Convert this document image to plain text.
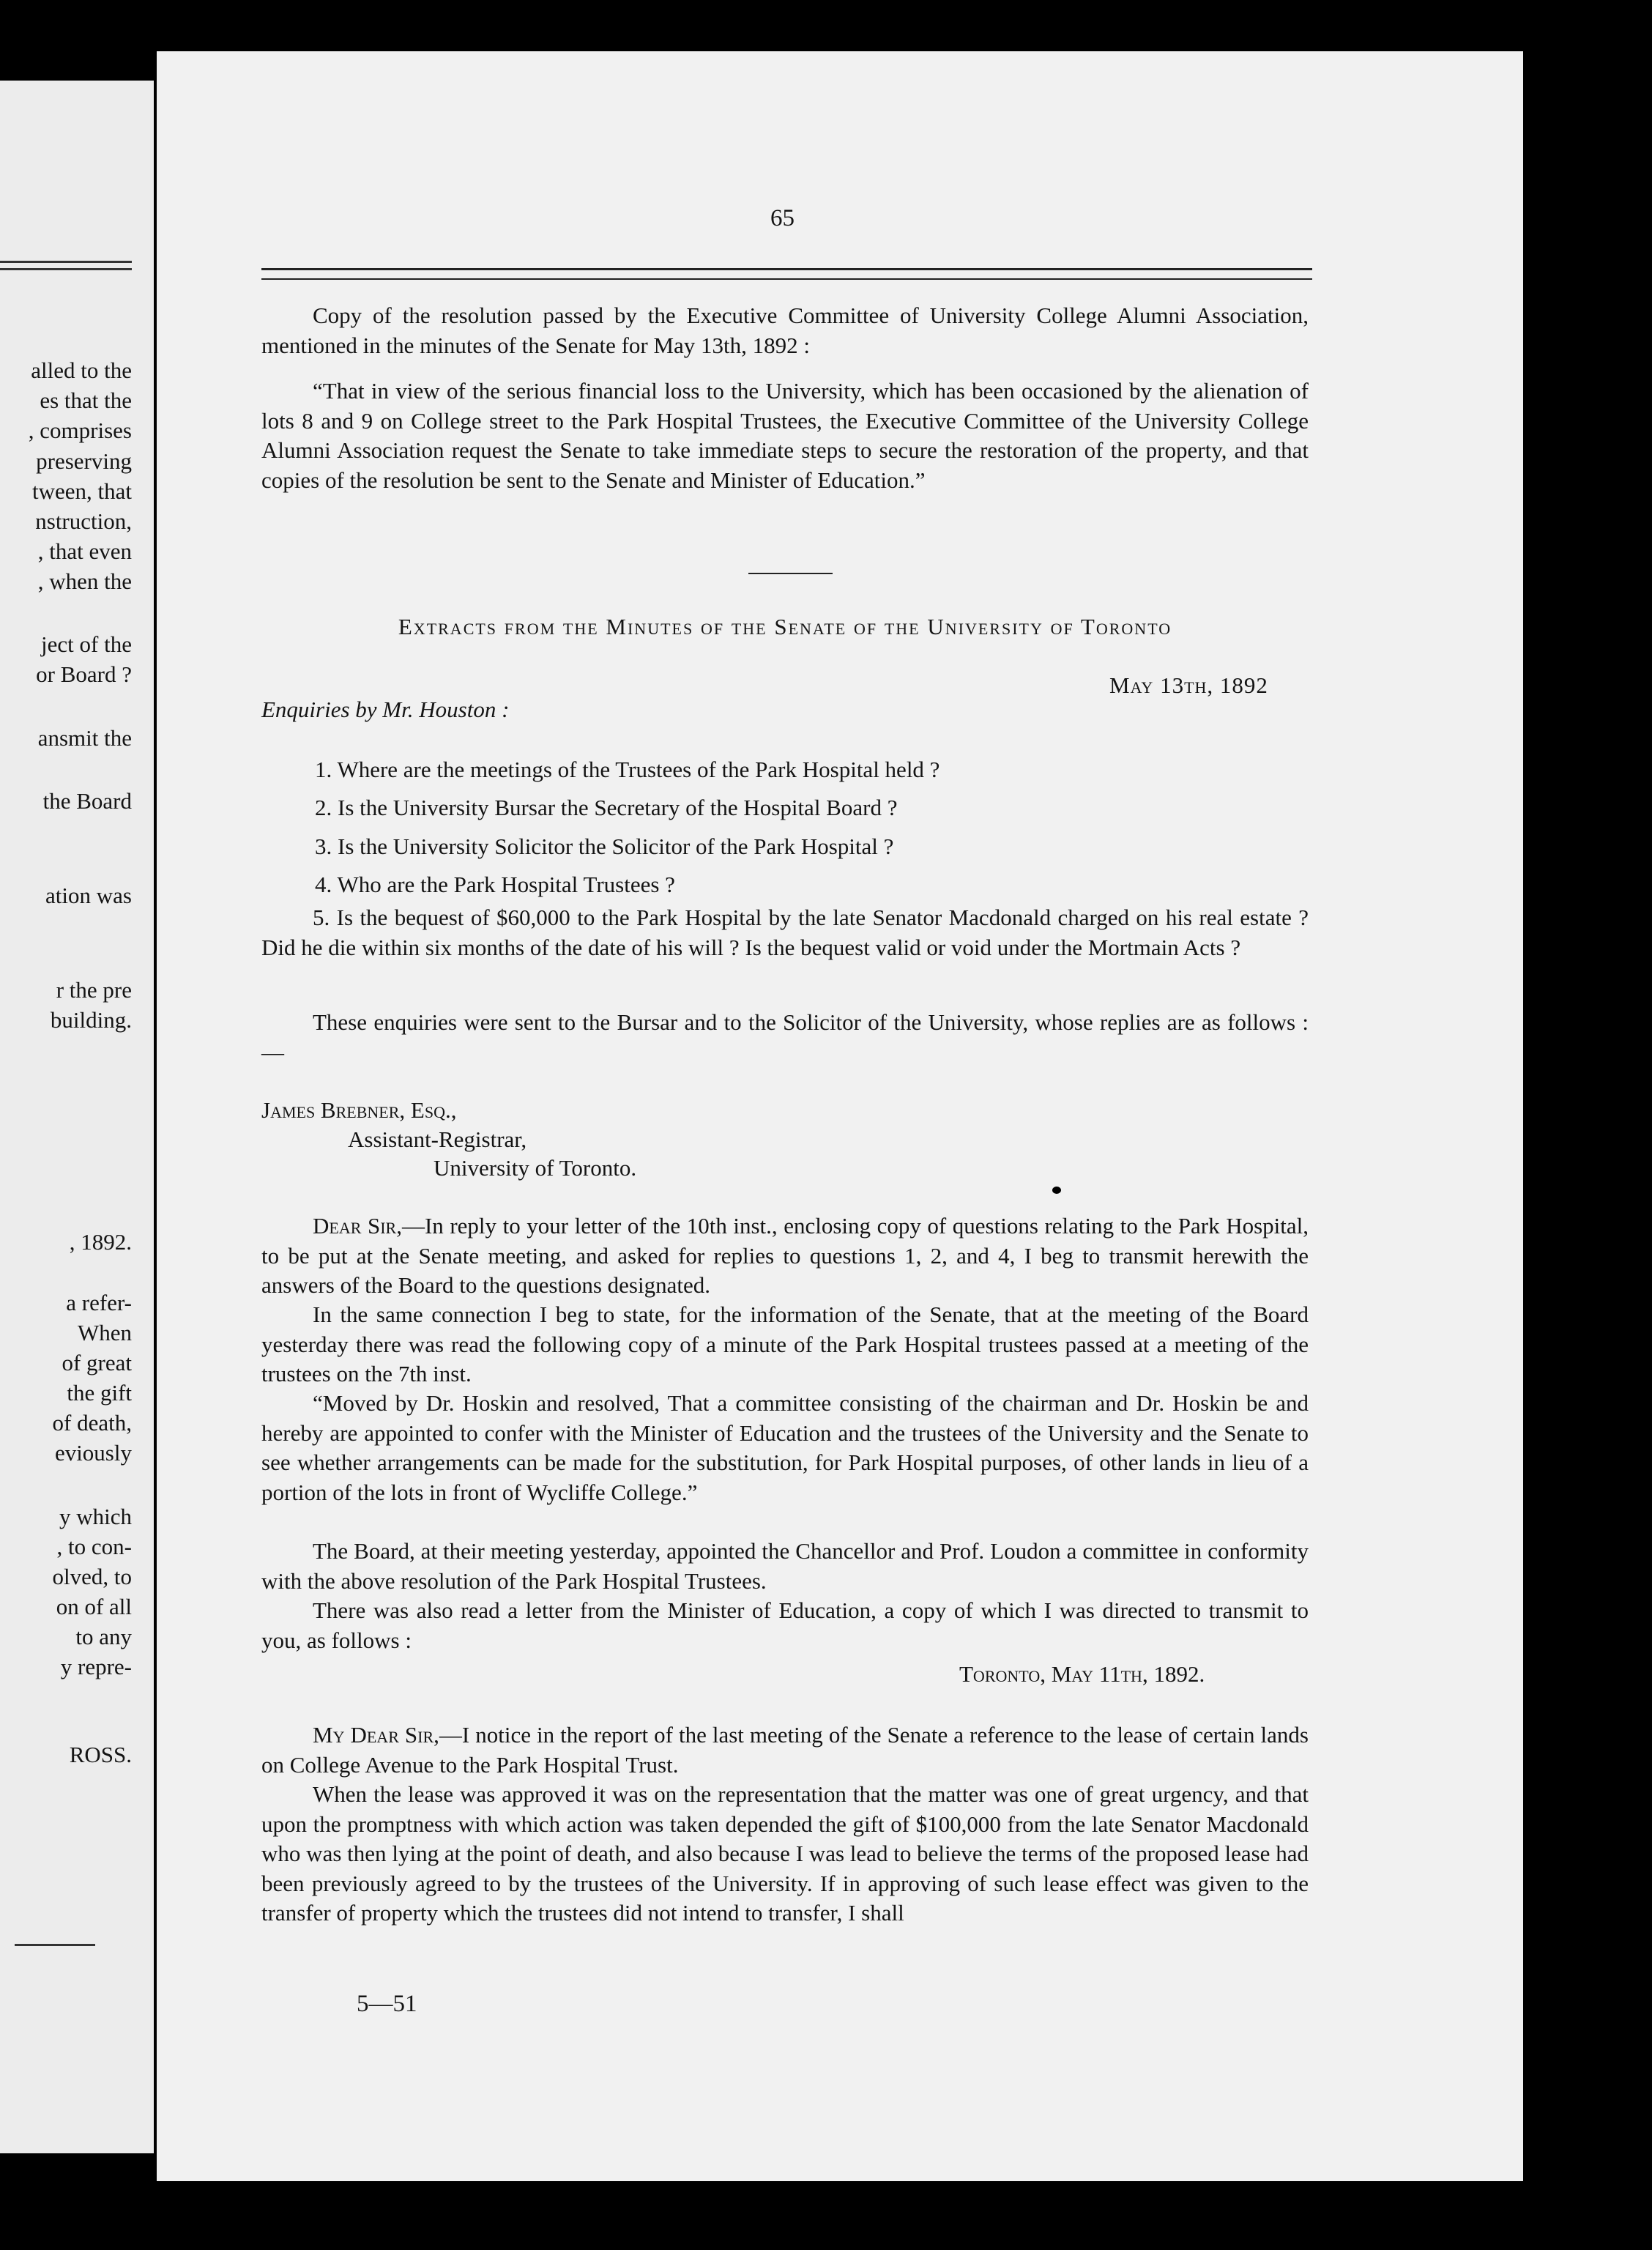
alled to the
es that the
, comprises
preserving
tween, that
nstruction,
, that even
, when the
ject of the
or Board ?
ansmit the
the Board
ation was
r the pre
building.
, 1892.
a refer-
When
of great
the gift
of death,
eviously
y which
, to con-
olved, to
on of all
to any
y repre-
ROSS.
65

Copy of the resolution passed by the Executive Committee of University College Alumni Association, mentioned in the minutes of the Senate for May 13th, 1892 :

“That in view of the serious financial loss to the University, which has been occasioned by the alienation of lots 8 and 9 on College street to the Park Hospital Trustees, the Executive Committee of the University College Alumni Association request the Senate to take immediate steps to secure the restoration of the property, and that copies of the resolution be sent to the Senate and Minister of Education.”

Extracts from the Minutes of the Senate of the University of Toronto

May 13th, 1892

Enquiries by Mr. Houston :

1. Where are the meetings of the Trustees of the Park Hospital held ?
2. Is the University Bursar the Secretary of the Hospital Board ?
3. Is the University Solicitor the Solicitor of the Park Hospital ?
4. Who are the Park Hospital Trustees ?

5. Is the bequest of $60,000 to the Park Hospital by the late Senator Macdonald charged on his real estate ? Did he die within six months of the date of his will ? Is the bequest valid or void under the Mortmain Acts ?

These enquiries were sent to the Bursar and to the Solicitor of the University, whose replies are as follows :—

James Brebner, Esq.,

Assistant-Registrar,

University of Toronto.

Dear Sir,—In reply to your letter of the 10th inst., enclosing copy of questions relating to the Park Hospital, to be put at the Senate meeting, and asked for replies to questions 1, 2, and 4, I beg to transmit herewith the answers of the Board to the questions designated.

In the same connection I beg to state, for the information of the Senate, that at the meeting of the Board yesterday there was read the following copy of a minute of the Park Hospital trustees passed at a meeting of the trustees on the 7th inst.

“Moved by Dr. Hoskin and resolved, That a committee consisting of the chairman and Dr. Hoskin be and hereby are appointed to confer with the Minister of Education and the trustees of the University and the Senate to see whether arrangements can be made for the substitution, for Park Hospital purposes, of other lands in lieu of a portion of the lots in front of Wycliffe College.”

The Board, at their meeting yesterday, appointed the Chancellor and Prof. Loudon a committee in conformity with the above resolution of the Park Hospital Trustees.

There was also read a letter from the Minister of Education, a copy of which I was directed to transmit to you, as follows :

Toronto, May 11th, 1892.

My Dear Sir,—I notice in the report of the last meeting of the Senate a reference to the lease of certain lands on College Avenue to the Park Hospital Trust.

When the lease was approved it was on the representation that the matter was one of great urgency, and that upon the promptness with which action was taken depended the gift of $100,000 from the late Senator Macdonald who was then lying at the point of death, and also because I was lead to believe the terms of the proposed lease had been previously agreed to by the trustees of the University. If in approving of such lease effect was given to the transfer of property which the trustees did not intend to transfer, I shall

5—51
